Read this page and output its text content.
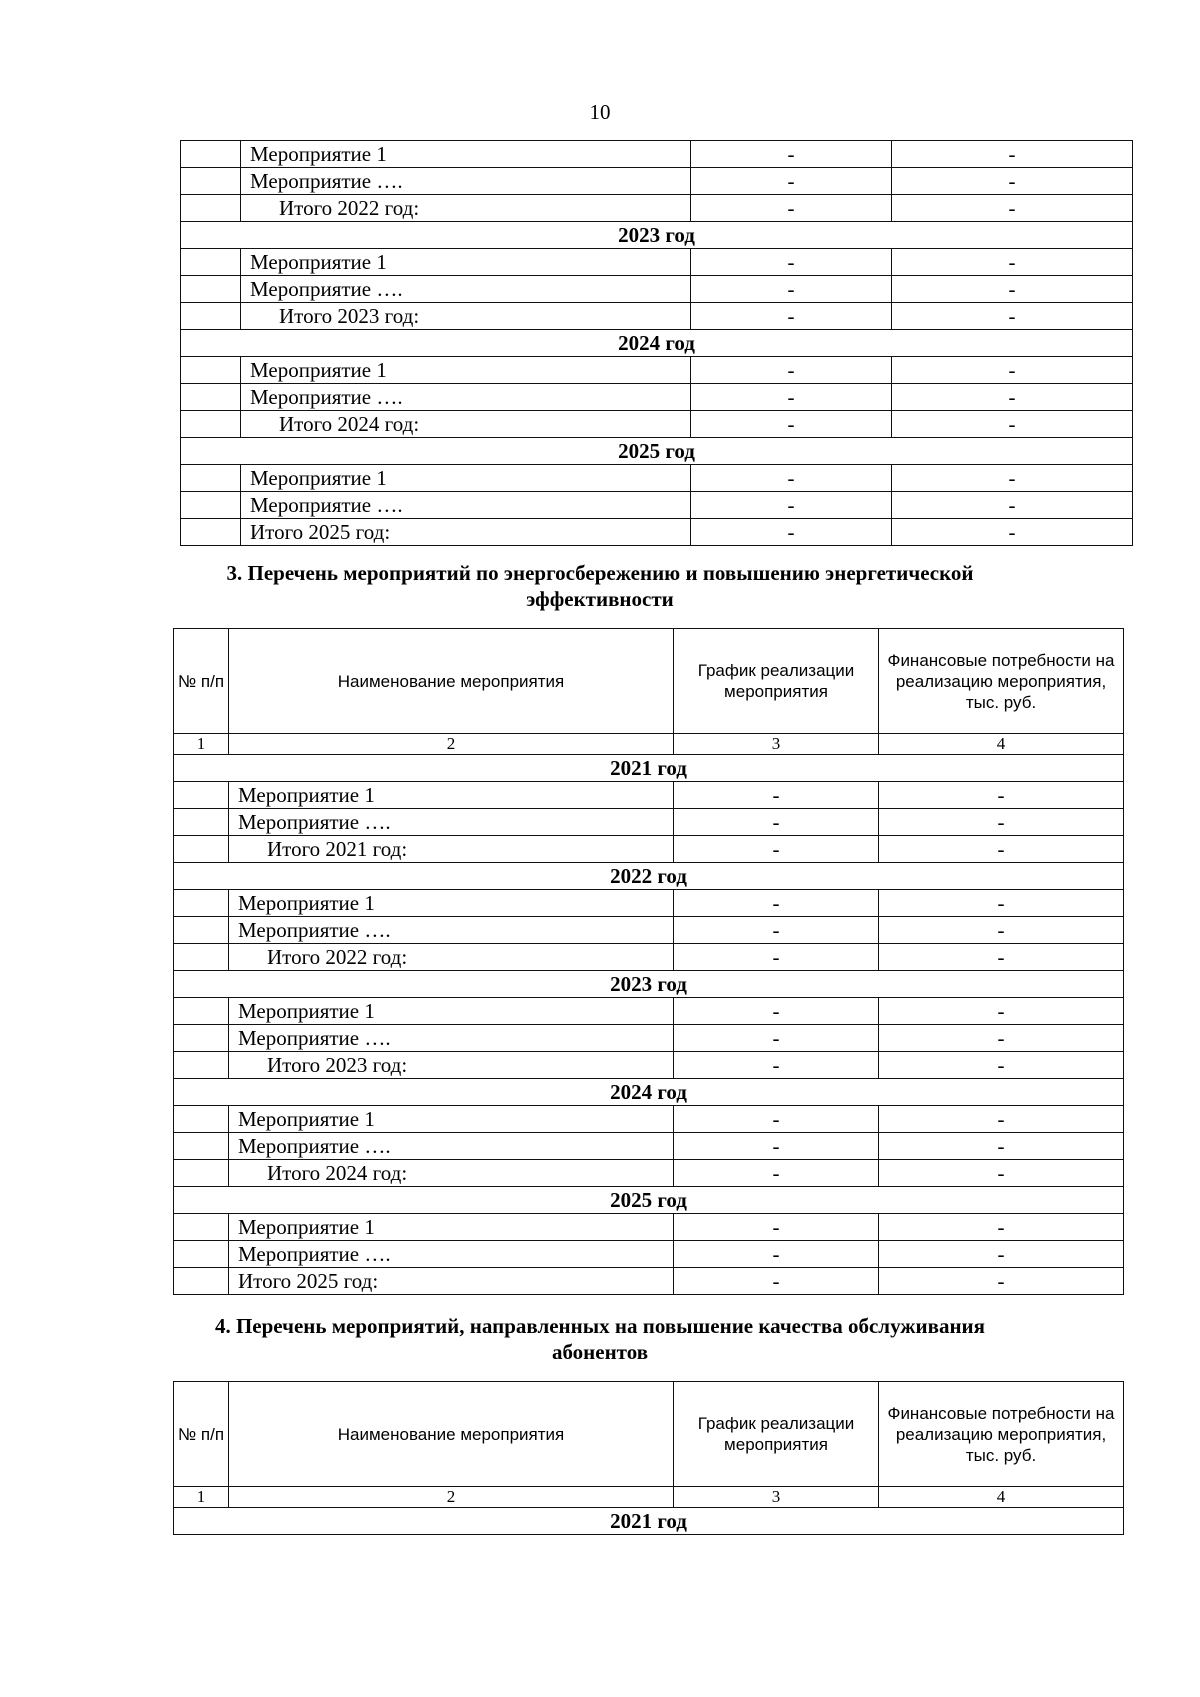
10
	Мероприятие 1	-	-
	Мероприятие ….	-	-
	Итого 2022 год:	-	-
2023 год			
	Мероприятие 1	-	-
	Мероприятие ….	-	-
	Итого 2023 год:	-	-
2024 год			
	Мероприятие 1	-	-
	Мероприятие ….	-	-
	Итого 2024 год:	-	-
2025 год			
	Мероприятие 1	-	-
	Мероприятие ….	-	-
	Итого 2025 год:	-	-
3. Перечень мероприятий по энергосбережению и повышению энергетической
эффективности
№ п/п	Наименование мероприятия	График реализации мероприятия	Финансовые потребности на реализацию мероприятия, тыс. руб.
1	2	3	4
2021 год			
	Мероприятие 1	-	-
	Мероприятие ….	-	-
	Итого 2021 год:	-	-
2022 год			
	Мероприятие 1	-	-
	Мероприятие ….	-	-
	Итого 2022 год:	-	-
2023 год			
	Мероприятие 1	-	-
	Мероприятие ….	-	-
	Итого 2023 год:	-	-
2024 год			
	Мероприятие 1	-	-
	Мероприятие ….	-	-
	Итого 2024 год:	-	-
2025 год			
	Мероприятие 1	-	-
	Мероприятие ….	-	-
	Итого 2025 год:	-	-
4. Перечень мероприятий, направленных на повышение качества обслуживания
абонентов
№ п/п	Наименование мероприятия	График реализации мероприятия	Финансовые потребности на реализацию мероприятия, тыс. руб.
1	2	3	4
2021 год			
